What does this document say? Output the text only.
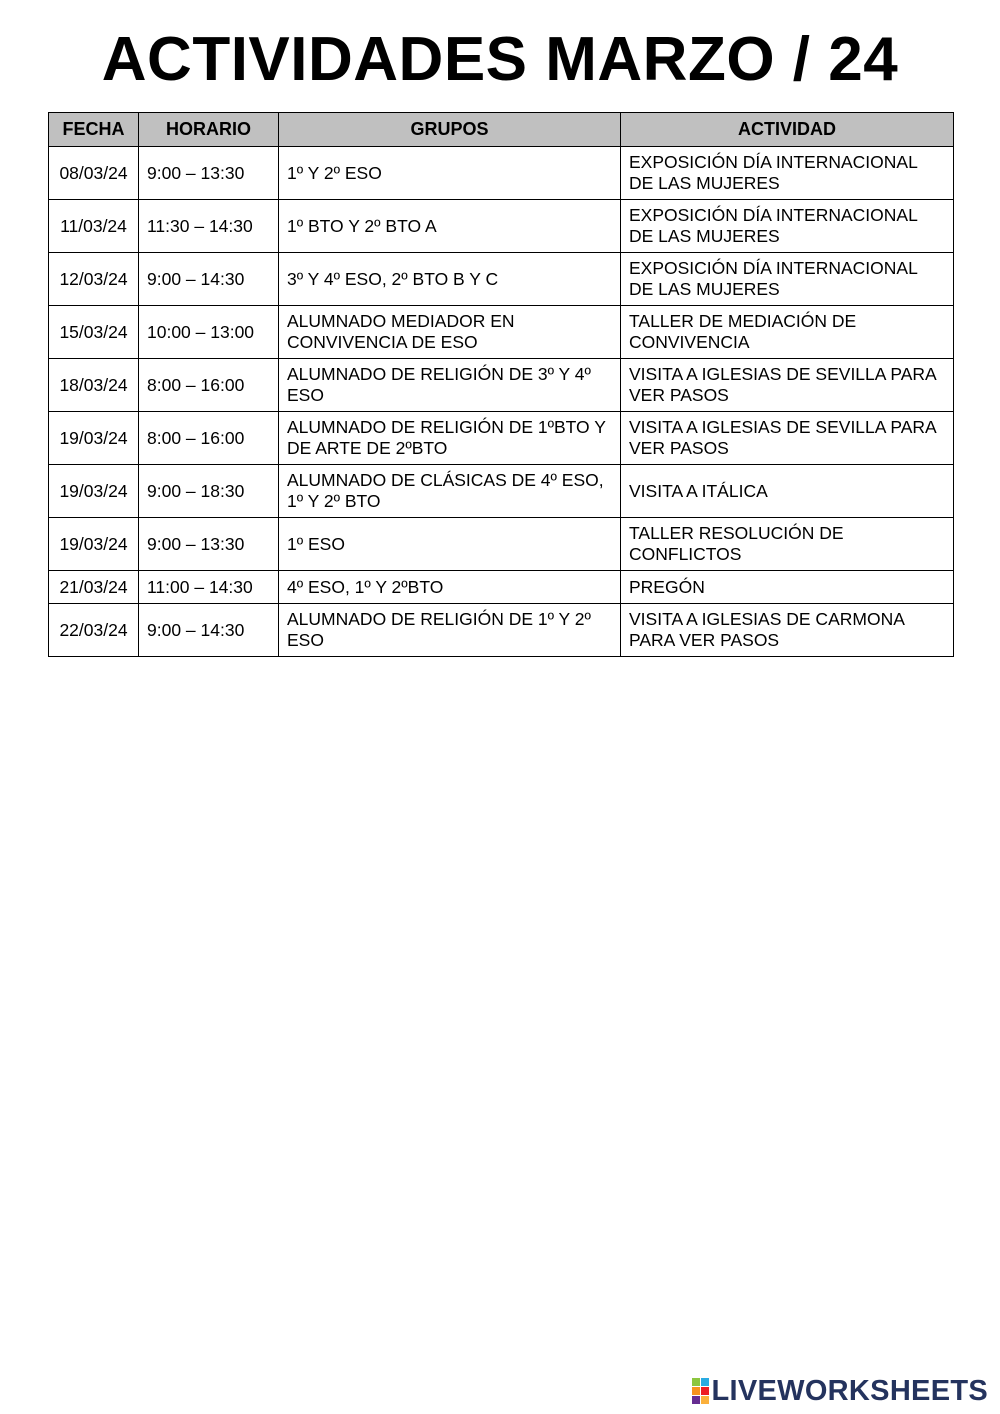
ACTIVIDADES MARZO / 24
FECHA	HORARIO	GRUPOS	ACTIVIDAD
08/03/24	9:00 – 13:30	1º Y 2º ESO	EXPOSICIÓN DÍA INTERNACIONAL DE LAS MUJERES
11/03/24	11:30 – 14:30	1º BTO Y 2º BTO A	EXPOSICIÓN DÍA INTERNACIONAL DE LAS MUJERES
12/03/24	9:00 – 14:30	3º Y 4º ESO, 2º BTO B Y C	EXPOSICIÓN DÍA INTERNACIONAL DE LAS MUJERES
15/03/24	10:00 – 13:00	ALUMNADO MEDIADOR EN CONVIVENCIA DE ESO	TALLER DE MEDIACIÓN DE CONVIVENCIA
18/03/24	8:00 – 16:00	ALUMNADO DE RELIGIÓN DE 3º Y 4º ESO	VISITA A IGLESIAS DE SEVILLA PARA VER PASOS
19/03/24	8:00 – 16:00	ALUMNADO DE RELIGIÓN DE 1ºBTO Y DE ARTE DE 2ºBTO	VISITA A IGLESIAS DE SEVILLA PARA VER PASOS
19/03/24	9:00 – 18:30	ALUMNADO DE CLÁSICAS DE 4º ESO, 1º Y 2º BTO	VISITA A ITÁLICA
19/03/24	9:00 – 13:30	1º ESO	TALLER RESOLUCIÓN DE CONFLICTOS
21/03/24	11:00 – 14:30	4º ESO, 1º Y 2ºBTO	PREGÓN
22/03/24	9:00 – 14:30	ALUMNADO DE RELIGIÓN DE 1º Y 2º ESO	VISITA A IGLESIAS DE CARMONA PARA VER PASOS
LIVEWORKSHEETS
